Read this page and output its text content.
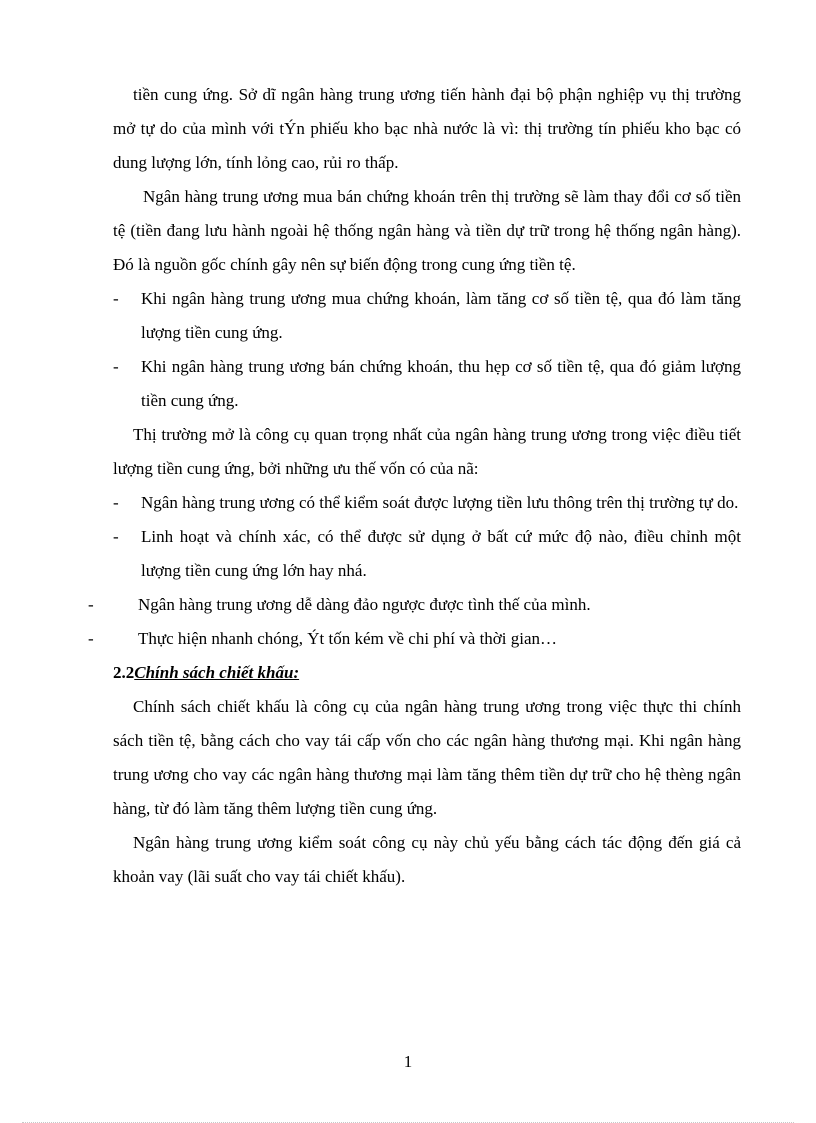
tiền cung ứng. Sở dĩ ngân hàng trung ương tiến hành đại bộ phận nghiệp vụ thị trường mở tự do của mình với tÝn phiếu kho bạc nhà nước là vì: thị trường tín phiếu kho bạc có dung lượng lớn, tính lỏng cao, rủi ro thấp.

Ngân hàng trung ương mua bán chứng khoán trên thị trường sẽ làm thay đổi cơ số tiền tệ (tiền đang lưu hành ngoài hệ thống ngân hàng và tiền dự trữ trong hệ thống ngân hàng). Đó là nguồn gốc chính gây nên sự biến động trong cung ứng tiền tệ.

- Khi ngân hàng trung ương mua chứng khoán, làm tăng cơ số tiền tệ, qua đó làm tăng lượng tiền cung ứng.

- Khi ngân hàng trung ương bán chứng khoán, thu hẹp cơ số tiền tệ, qua đó giảm lượng tiền cung ứng.

Thị trường mở là công cụ quan trọng nhất của ngân hàng trung ương trong việc điều tiết lượng tiền cung ứng, bởi những ưu thế vốn có của nã:

- Ngân hàng trung ương có thể kiểm soát được lượng tiền lưu thông trên thị trường tự do.

- Linh hoạt và chính xác, có thể được sử dụng ở bất cứ mức độ nào, điều chỉnh một lượng tiền cung ứng lớn hay nhá.

-	Ngân hàng trung ương dễ dàng đảo ngược được tình thế của mình.

-	Thực hiện nhanh chóng, Ýt tốn kém về chi phí và thời gian…

2.2Chính sách chiết khấu:

Chính sách chiết khấu là công cụ của ngân hàng trung ương trong việc thực thi chính sách tiền tệ, bằng cách cho vay tái cấp vốn cho các ngân hàng thương mại. Khi ngân hàng trung ương cho vay các ngân hàng thương mại làm tăng thêm tiền dự trữ cho hệ thèng ngân hàng, từ đó làm tăng thêm lượng tiền cung ứng.

Ngân hàng trung ương kiểm soát công cụ này chủ yếu bằng cách tác động đến giá cả khoản vay (lãi suất cho vay tái chiết khấu).

1
